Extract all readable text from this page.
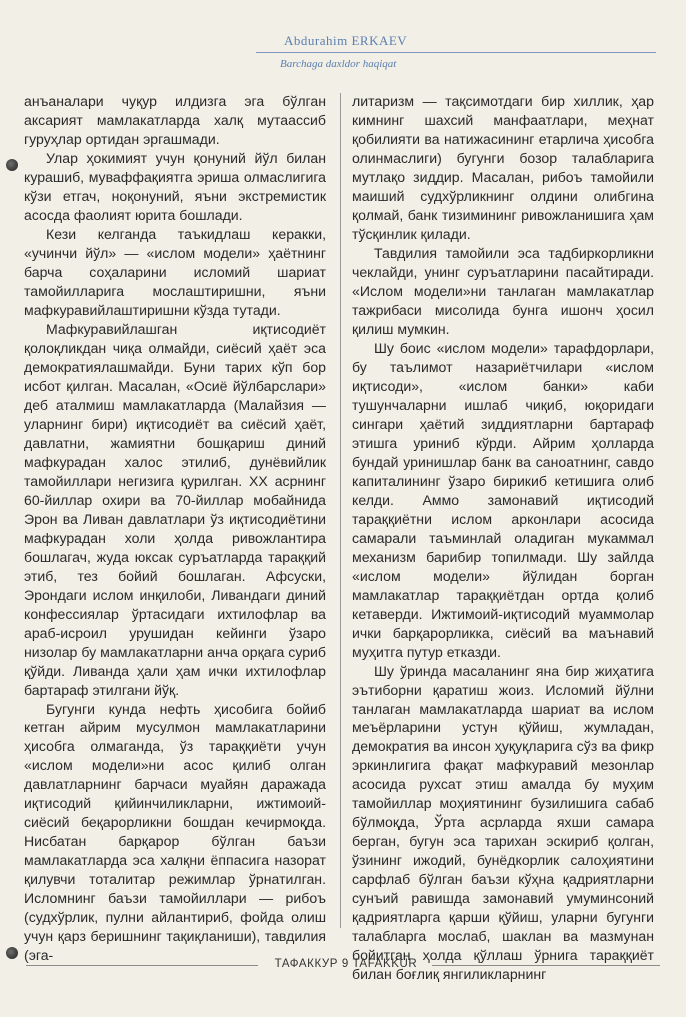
Abdurahim ERKAEV

Barchaga daxldor haqiqat

анъаналари чуқур илдизга эга бўлган аксарият мамлакатларда халқ мутаассиб гуруҳлар ортидан эргашмади.

Улар ҳокимият учун қонуний йўл билан курашиб, муваффақиятга эриша олмаслигига кўзи етгач, ноқонуний, яъни экстремистик асосда фаолият юрита бошлади.

Кези келганда таъкидлаш керакки, «учинчи йўл» — «ислом модели» ҳаётнинг барча соҳаларини исломий шариат тамойилларига мослаштиришни, яъни мафкуравийлаштиришни кўзда тутади.

Мафкуравийлашган иқтисодиёт қолоқликдан чиқа олмайди, сиёсий ҳаёт эса демократиялашмайди. Буни тарих кўп бор исбот қилган. Масалан, «Осиё йўлбарслари» деб аталмиш мамлакатларда (Малайзия — уларнинг бири) иқтисодиёт ва сиёсий ҳаёт, давлатни, жамиятни бошқариш диний мафкурадан халос этилиб, дунёвийлик тамойиллари негизига қурилган. XX асрнинг 60-йиллар охири ва 70-йиллар мобайнида Эрон ва Ливан давлатлари ўз иқтисодиётини мафкурадан холи ҳолда ривожлантира бошлагач, жуда юксак суръатларда тараққий этиб, тез бойий бошлаган. Афсуски, Эрондаги ислом инқилоби, Ливандаги диний конфессиялар ўртасидаги ихтилофлар ва араб-исроил урушидан кейинги ўзаро низолар бу мамлакатларни анча орқага суриб қўйди. Ливанда ҳали ҳам ички ихтилофлар бартараф этилгани йўқ.

Бугунги кунда нефть ҳисобига бойиб кетган айрим мусулмон мамлакатларини ҳисобга олмаганда, ўз тараққиёти учун «ислом модели»ни асос қилиб олган давлатларнинг барчаси муайян даражада иқтисодий қийинчиликларни, ижтимоий-сиёсий беқарорликни бошдан кечирмоқда. Нисбатан барқарор бўлган баъзи мамлакатларда эса халқни ёппасига назорат қилувчи тоталитар режимлар ўрнатилган. Исломнинг баъзи тамойиллари — рибоъ (судхўрлик, пулни айлантириб, фойда олиш учун қарз беришнинг тақиқланиши), тавдилия (эга-

литаризм — тақсимотдаги бир хиллик, ҳар кимнинг шахсий манфаатлари, меҳнат қобилияти ва натижасининг етарлича ҳисобга олинмаслиги) бугунги бозор талабларига мутлақо зиддир. Масалан, рибоъ тамойили маиший судхўрликнинг олдини олибгина қолмай, банк тизимининг ривожланишига ҳам тўсқинлик қилади.

Тавдилия тамойили эса тадбиркорликни чеклайди, унинг суръатларини пасайтиради. «Ислом модели»ни танлаган мамлакатлар тажрибаси мисолида бунга ишонч ҳосил қилиш мумкин.

Шу боис «ислом модели» тарафдорлари, бу таълимот назариётчилари «ислом иқтисоди», «ислом банки» каби тушунчаларни ишлаб чиқиб, юқоридаги сингари ҳаётий зиддиятларни бартараф этишга уриниб кўрди. Айрим ҳолларда бундай уринишлар банк ва саноатнинг, савдо капиталининг ўзаро бирикиб кетишига олиб келди. Аммо замонавий иқтисодий тараққиётни ислом арконлари асосида самарали таъминлай оладиган мукаммал механизм барибир топилмади. Шу зайлда «ислом модели» йўлидан борган мамлакатлар тараққиётдан ортда қолиб кетаверди. Ижтимоий-иқтисодий муаммолар ички барқарорликка, сиёсий ва маънавий муҳитга путур етказди.

Шу ўринда масаланинг яна бир жиҳатига эътиборни қаратиш жоиз. Исломий йўлни танлаган мамлакатларда шариат ва ислом меъёрларини устун қўйиш, жумладан, демократия ва инсон ҳуқуқларига сўз ва фикр эркинлигига фақат мафкуравий мезонлар асосида рухсат этиш амалда бу муҳим тамойиллар моҳиятининг бузилишига сабаб бўлмоқда, Ўрта асрларда яхши самара берган, бугун эса тарихан эскириб қолган, ўзининг ижодий, бунёдкорлик салоҳиятини сарфлаб бўлган баъзи кўҳна қадриятларни сунъий равишда замонавий умуминсоний қадриятларга қарши қўйиш, уларни бугунги талабларга мослаб, шаклан ва мазмунан бойитган ҳолда қўллаш ўрнига тараққиёт билан боғлиқ янгиликларнинг

ТАФАККУР 9 TAFAKKUR
